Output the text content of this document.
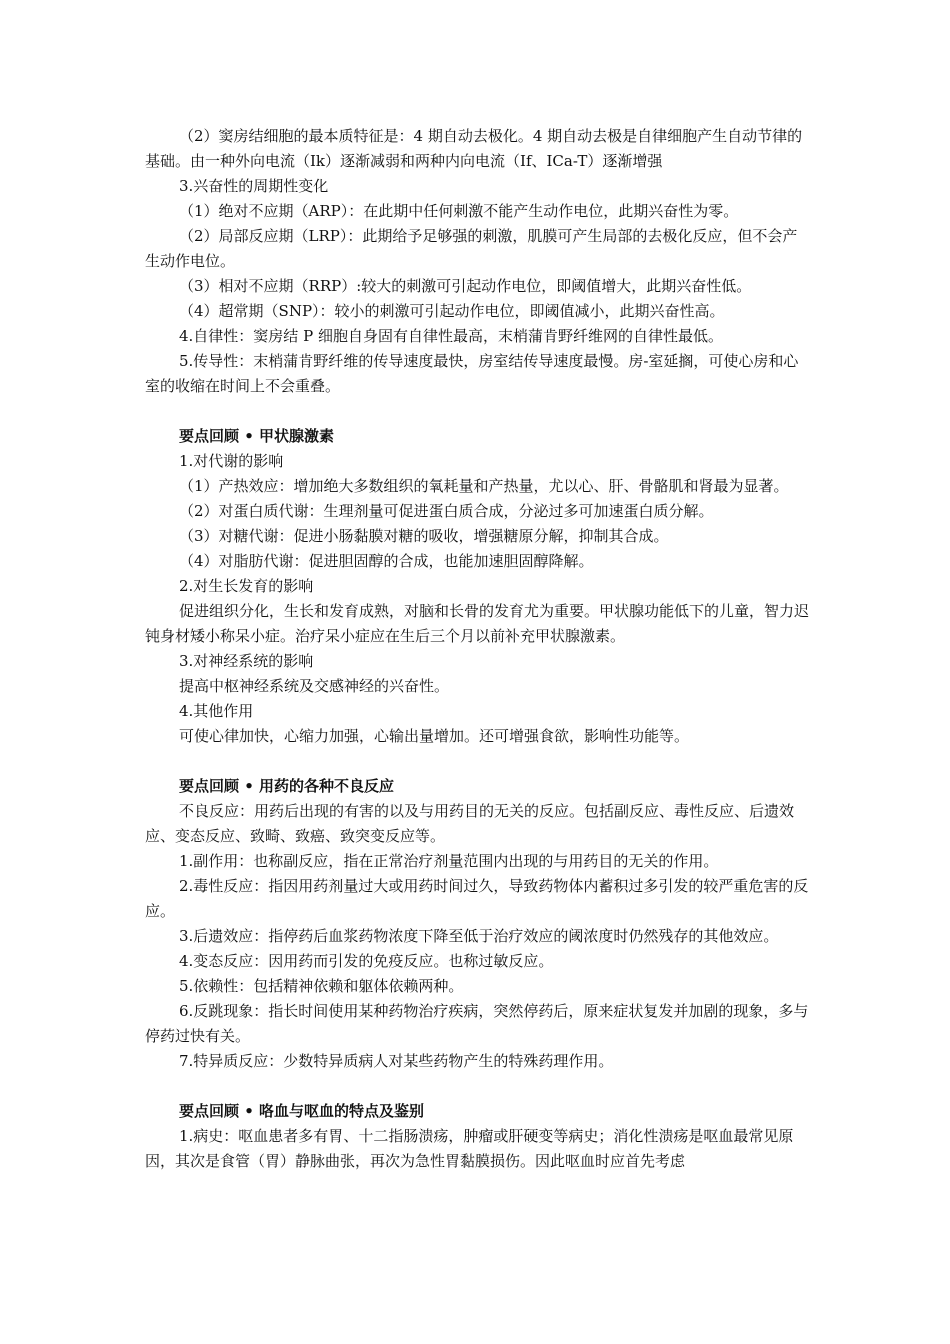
（2）窦房结细胞的最本质特征是：4 期自动去极化。4 期自动去极是自律细胞产生自动节律的基础。由一种外向电流（Ik）逐渐减弱和两种内向电流（If、ICa-T）逐渐增强

3.兴奋性的周期性变化

（1）绝对不应期（ARP）：在此期中任何刺激不能产生动作电位，此期兴奋性为零。

（2）局部反应期（LRP）：此期给予足够强的刺激，肌膜可产生局部的去极化反应，但不会产生动作电位。

（3）相对不应期（RRP）:较大的刺激可引起动作电位，即阈值增大，此期兴奋性低。

（4）超常期（SNP）：较小的刺激可引起动作电位，即阈值减小，此期兴奋性高。

4.自律性：窦房结 P 细胞自身固有自律性最高，末梢蒲肯野纤维网的自律性最低。

5.传导性：末梢蒲肯野纤维的传导速度最快，房室结传导速度最慢。房-室延搁，可使心房和心室的收缩在时间上不会重叠。

要点回顾 • 甲状腺激素

1.对代谢的影响

（1）产热效应：增加绝大多数组织的氧耗量和产热量，尤以心、肝、骨骼肌和肾最为显著。

（2）对蛋白质代谢：生理剂量可促进蛋白质合成，分泌过多可加速蛋白质分解。

（3）对糖代谢：促进小肠黏膜对糖的吸收，增强糖原分解，抑制其合成。

（4）对脂肪代谢：促进胆固醇的合成，也能加速胆固醇降解。

2.对生长发育的影响

促进组织分化，生长和发育成熟，对脑和长骨的发育尤为重要。甲状腺功能低下的儿童，智力迟钝身材矮小称呆小症。治疗呆小症应在生后三个月以前补充甲状腺激素。

3.对神经系统的影响

提高中枢神经系统及交感神经的兴奋性。

4.其他作用

可使心律加快，心缩力加强，心输出量增加。还可增强食欲，影响性功能等。

要点回顾 • 用药的各种不良反应

不良反应：用药后出现的有害的以及与用药目的无关的反应。包括副反应、毒性反应、后遗效应、变态反应、致畸、致癌、致突变反应等。

1.副作用：也称副反应，指在正常治疗剂量范围内出现的与用药目的无关的作用。

2.毒性反应：指因用药剂量过大或用药时间过久，导致药物体内蓄积过多引发的较严重危害的反应。

3.后遗效应：指停药后血浆药物浓度下降至低于治疗效应的阈浓度时仍然残存的其他效应。

4.变态反应：因用药而引发的免疫反应。也称过敏反应。

5.依赖性：包括精神依赖和躯体依赖两种。

6.反跳现象：指长时间使用某种药物治疗疾病，突然停药后，原来症状复发并加剧的现象，多与停药过快有关。

7.特异质反应：少数特异质病人对某些药物产生的特殊药理作用。

要点回顾 • 咯血与呕血的特点及鉴别

1.病史：呕血患者多有胃、十二指肠溃疡，肿瘤或肝硬变等病史；消化性溃疡是呕血最常见原因，其次是食管（胃）静脉曲张，再次为急性胃黏膜损伤。因此呕血时应首先考虑
